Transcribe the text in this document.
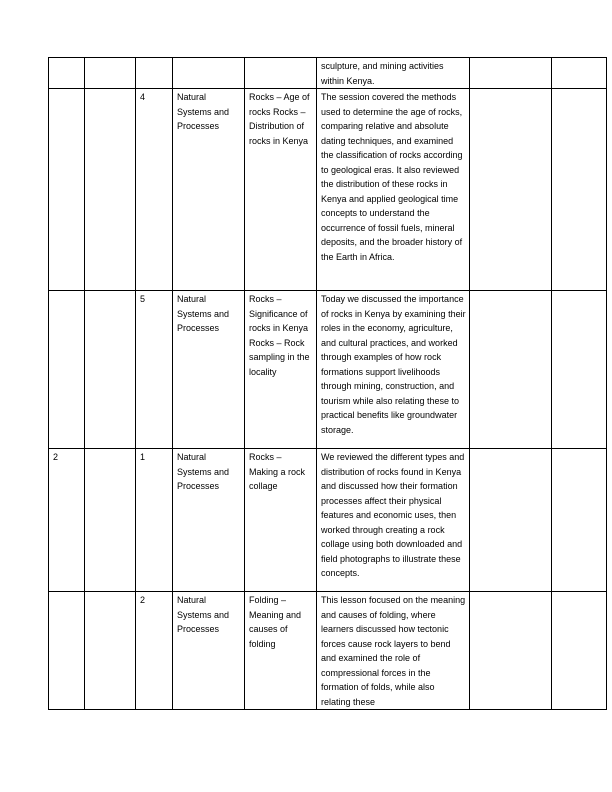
					sculpture, and mining activities within Kenya.		
		4	Natural Systems and Processes	Rocks – Age of rocks Rocks – Distribution of rocks in Kenya	The session covered the methods used to determine the age of rocks, comparing relative and absolute dating techniques, and examined the classification of rocks according to geological eras. It also reviewed the distribution of these rocks in Kenya and applied geological time concepts to understand the occurrence of fossil fuels, mineral deposits, and the broader history of the Earth in Africa.		
		5	Natural Systems and Processes	Rocks – Significance of rocks in Kenya Rocks – Rock sampling in the locality	Today we discussed the importance of rocks in Kenya by examining their roles in the economy, agriculture, and cultural practices, and worked through examples of how rock formations support livelihoods through mining, construction, and tourism while also relating these to practical benefits like groundwater storage.		
2		1	Natural Systems and Processes	Rocks – Making a rock collage	We reviewed the different types and distribution of rocks found in Kenya and discussed how their formation processes affect their physical features and economic uses, then worked through creating a rock collage using both downloaded and field photographs to illustrate these concepts.		
		2	Natural Systems and Processes	Folding – Meaning and causes of folding	This lesson focused on the meaning and causes of folding, where learners discussed how tectonic forces cause rock layers to bend and examined the role of compressional forces in the formation of folds, while also relating these		
